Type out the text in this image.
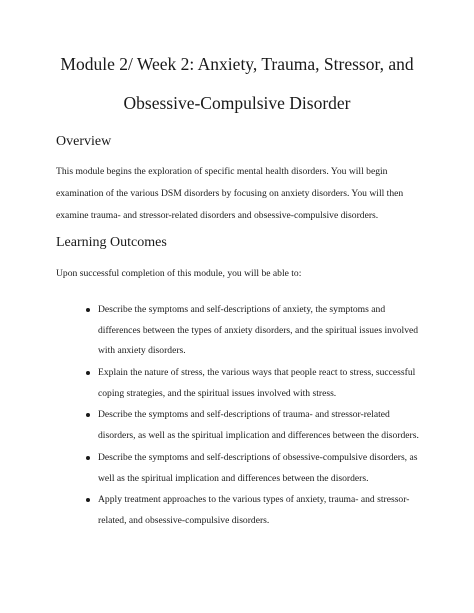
Module 2/ Week 2: Anxiety, Trauma, Stressor, and
Obsessive-Compulsive Disorder
Overview
This module begins the exploration of specific mental health disorders. You will begin
examination of the various DSM disorders by focusing on anxiety disorders. You will then
examine trauma- and stressor-related disorders and obsessive-compulsive disorders.
Learning Outcomes
Upon successful completion of this module, you will be able to:
Describe the symptoms and self-descriptions of anxiety, the symptoms and
differences between the types of anxiety disorders, and the spiritual issues involved
with anxiety disorders.
Explain the nature of stress, the various ways that people react to stress, successful
coping strategies, and the spiritual issues involved with stress.
Describe the symptoms and self-descriptions of trauma- and stressor-related
disorders, as well as the spiritual implication and differences between the disorders.
Describe the symptoms and self-descriptions of obsessive-compulsive disorders, as
well as the spiritual implication and differences between the disorders.
Apply treatment approaches to the various types of anxiety, trauma- and stressor-
related, and obsessive-compulsive disorders.
